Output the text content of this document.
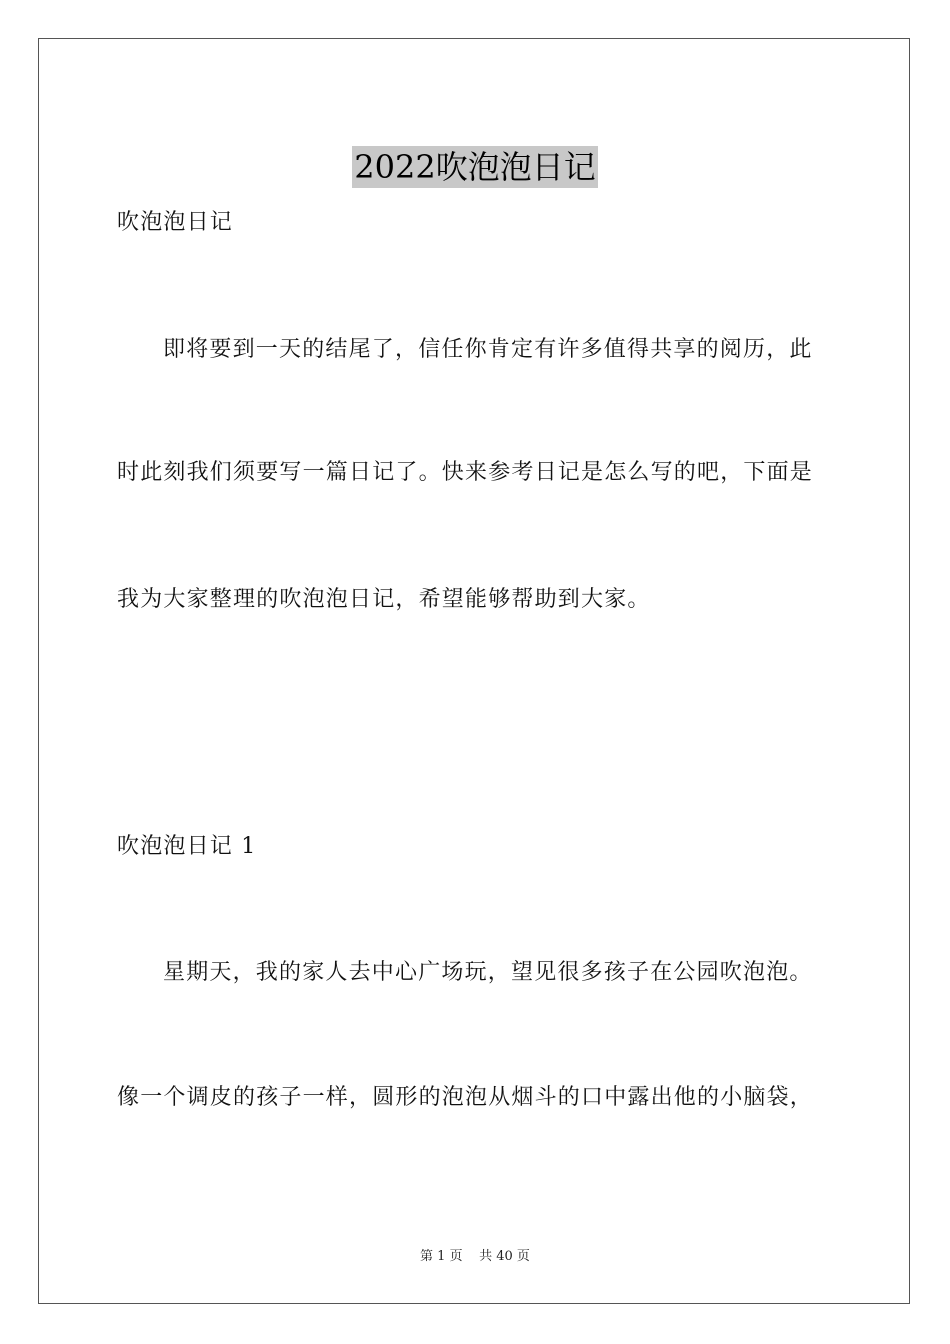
2022吹泡泡日记
吹泡泡日记
即将要到一天的结尾了，信任你肯定有许多值得共享的阅历，此
时此刻我们须要写一篇日记了。快来参考日记是怎么写的吧，下面是
我为大家整理的吹泡泡日记，希望能够帮助到大家。
吹泡泡日记 1
星期天，我的家人去中心广场玩，望见很多孩子在公园吹泡泡。
像一个调皮的孩子一样，圆形的泡泡从烟斗的口中露出他的小脑袋，
第 1 页 共 40 页
